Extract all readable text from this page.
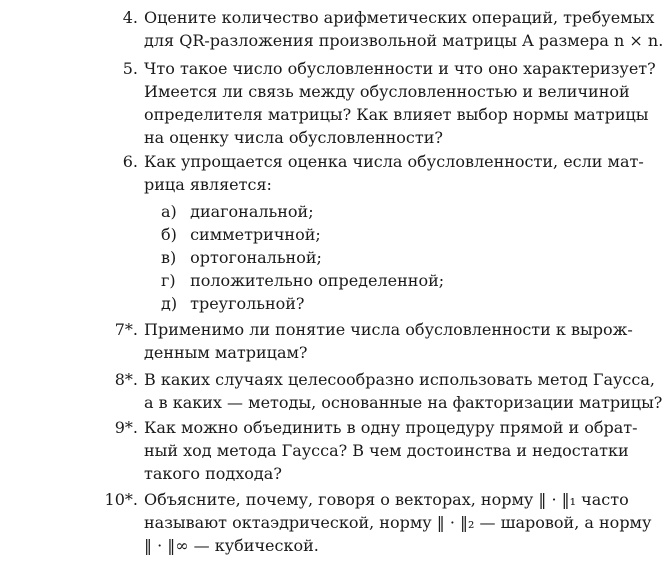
4. Оцените количество арифметических операций, требуемых
для QR-разложения произвольной матрицы A размера n × n.
5. Что такое число обусловленности и что оно характеризует?
Имеется ли связь между обусловленностью и величиной
определителя матрицы? Как влияет выбор нормы матрицы
на оценку числа обусловленности?
6. Как упрощается оценка числа обусловленности, если мат-
рица является:
а) диагональной;
б) симметричной;
в) ортогональной;
г) положительно определенной;
д) треугольной?
7*. Применимо ли понятие числа обусловленности к вырож-
денным матрицам?
8*. В каких случаях целесообразно использовать метод Гаусса,
а в каких — методы, основанные на факторизации матрицы?
9*. Как можно объединить в одну процедуру прямой и обрат-
ный ход метода Гаусса? В чем достоинства и недостатки
такого подхода?
10*. Объясните, почему, говоря о векторах, норму ‖ · ‖₁ часто
называют октаэдрической, норму ‖ · ‖₂ — шаровой, а норму
‖ · ‖∞ — кубической.
